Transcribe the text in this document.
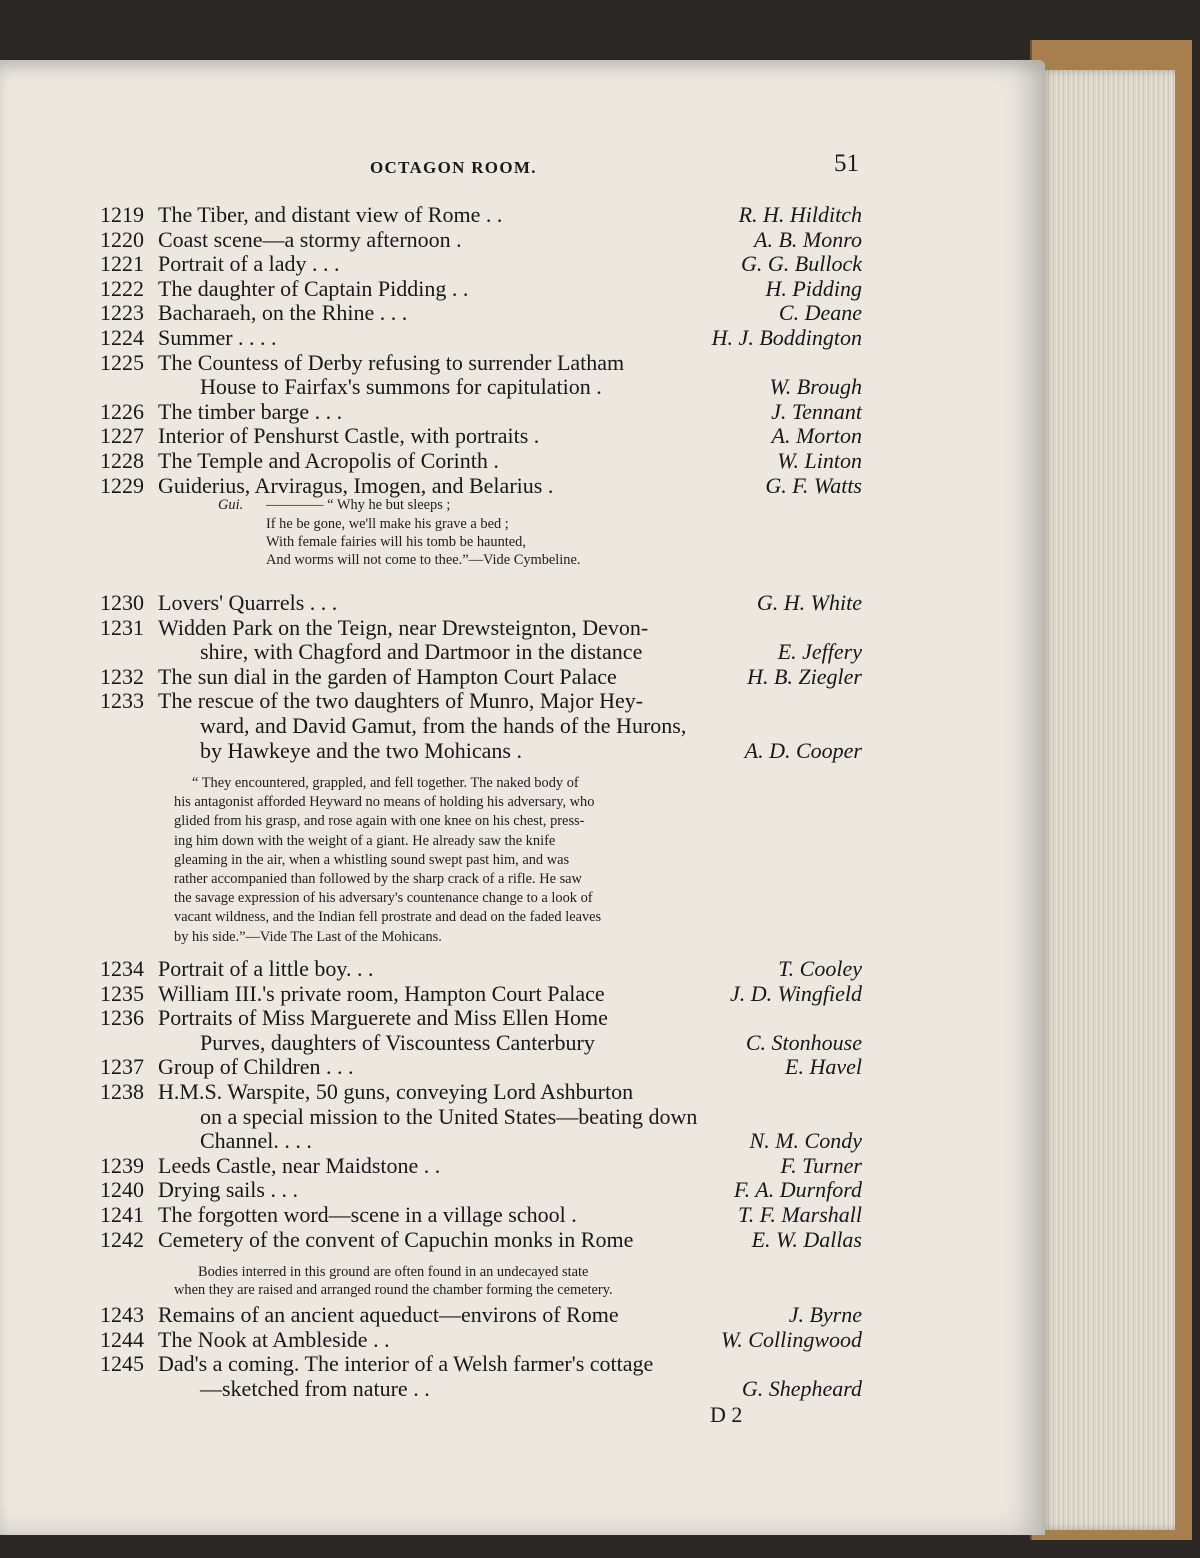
OCTAGON ROOM.	51
1219 The Tiber, and distant view of Rome . .	R. H. Hilditch
1220 Coast scene—a stormy afternoon .	A. B. Monro
1221 Portrait of a lady . . .	G. G. Bullock
1222 The daughter of Captain Pidding . .	H. Pidding
1223 Bacharaeh, on the Rhine . . .	C. Deane
1224 Summer . . . .	H. J. Boddington
1225 The Countess of Derby refusing to surrender Latham
House to Fairfax's summons for capitulation .	W. Brough
1226 The timber barge . . .	J. Tennant
1227 Interior of Penshurst Castle, with portraits .	A. Morton
1228 The Temple and Acropolis of Corinth .	W. Linton
1229 Guiderius, Arviragus, Imogen, and Belarius .	G. F. Watts
Gui. ———— “ Why he but sleeps ;
If he be gone, we'll make his grave a bed ;
With female fairies will his tomb be haunted,
And worms will not come to thee.”—Vide Cymbeline.
1230 Lovers' Quarrels . . .	G. H. White
1231 Widden Park on the Teign, near Drewsteignton, Devon-
shire, with Chagford and Dartmoor in the distance	E. Jeffery
1232 The sun dial in the garden of Hampton Court Palace	H. B. Ziegler
1233 The rescue of the two daughters of Munro, Major Hey-
ward, and David Gamut, from the hands of the Hurons,
by Hawkeye and the two Mohicans .	A. D. Cooper
“ They encountered, grappled, and fell together. The naked body of
his antagonist afforded Heyward no means of holding his adversary, who
glided from his grasp, and rose again with one knee on his chest, press-
ing him down with the weight of a giant. He already saw the knife
gleaming in the air, when a whistling sound swept past him, and was
rather accompanied than followed by the sharp crack of a rifle. He saw
the savage expression of his adversary's countenance change to a look of
vacant wildness, and the Indian fell prostrate and dead on the faded leaves
by his side.”—Vide The Last of the Mohicans.
1234 Portrait of a little boy. . .	T. Cooley
1235 William III.'s private room, Hampton Court Palace	J. D. Wingfield
1236 Portraits of Miss Marguerete and Miss Ellen Home
Purves, daughters of Viscountess Canterbury	C. Stonhouse
1237 Group of Children . . .	E. Havel
1238 H.M.S. Warspite, 50 guns, conveying Lord Ashburton
on a special mission to the United States—beating down
Channel. . . .	N. M. Condy
1239 Leeds Castle, near Maidstone . .	F. Turner
1240 Drying sails . . .	F. A. Durnford
1241 The forgotten word—scene in a village school .	T. F. Marshall
1242 Cemetery of the convent of Capuchin monks in Rome	E. W. Dallas
Bodies interred in this ground are often found in an undecayed state
when they are raised and arranged round the chamber forming the cemetery.
1243 Remains of an ancient aqueduct—environs of Rome	J. Byrne
1244 The Nook at Ambleside . .	W. Collingwood
1245 Dad's a coming. The interior of a Welsh farmer's cottage
—sketched from nature . .	G. Shepheard
D 2
